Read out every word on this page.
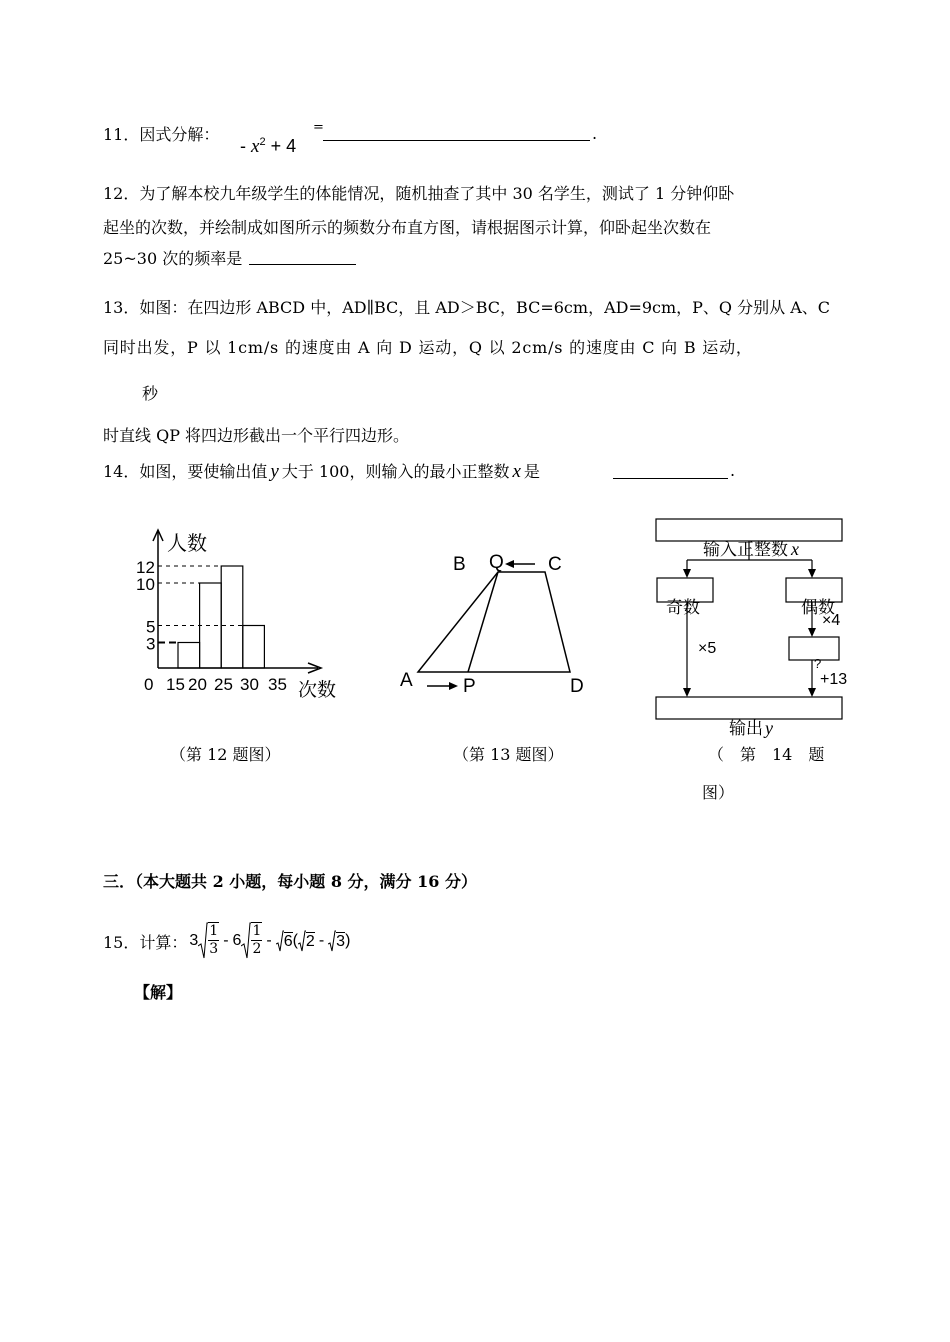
11．因式分解：
- $x^2 + 4$
=	.
12．为了解本校九年级学生的体能情况，随机抽查了其中 30 名学生，测试了 1 分钟仰卧
起坐的次数，并绘制成如图所示的频数分布直方图，请根据图示计算，仰卧起坐次数在
25~30 次的频率是
13．如图：在四边形 ABCD 中，AD∥BC，且 AD＞BC，BC=6cm，AD=9cm，P、Q 分别从 A、C
同时出发，P 以 1cm/s 的速度由 A 向 D 运动，Q 以 2cm/s 的速度由 C 向 B 运动，
秒
时直线 QP 将四边形截出一个平行四边形。
14．如图，要使输出值 y 大于 100，则输入的最小正整数 x 是	.
人数
次数
12
10
5
3
0 15 20 25 30 35
（第 12 题图）
B Q C
A	P	D
（第 13 题图）
输入正整数 x
奇数	偶数
×5
×4
?
+13
输出 y
（　第　14　题
图）
三．（本大题共 2 小题，每小题 8 分，满分 16 分）
15．计算： $3 \frac{1}{3} - 6 \frac{1}{2} - 6$ ( 2 - 3 )
【解】
